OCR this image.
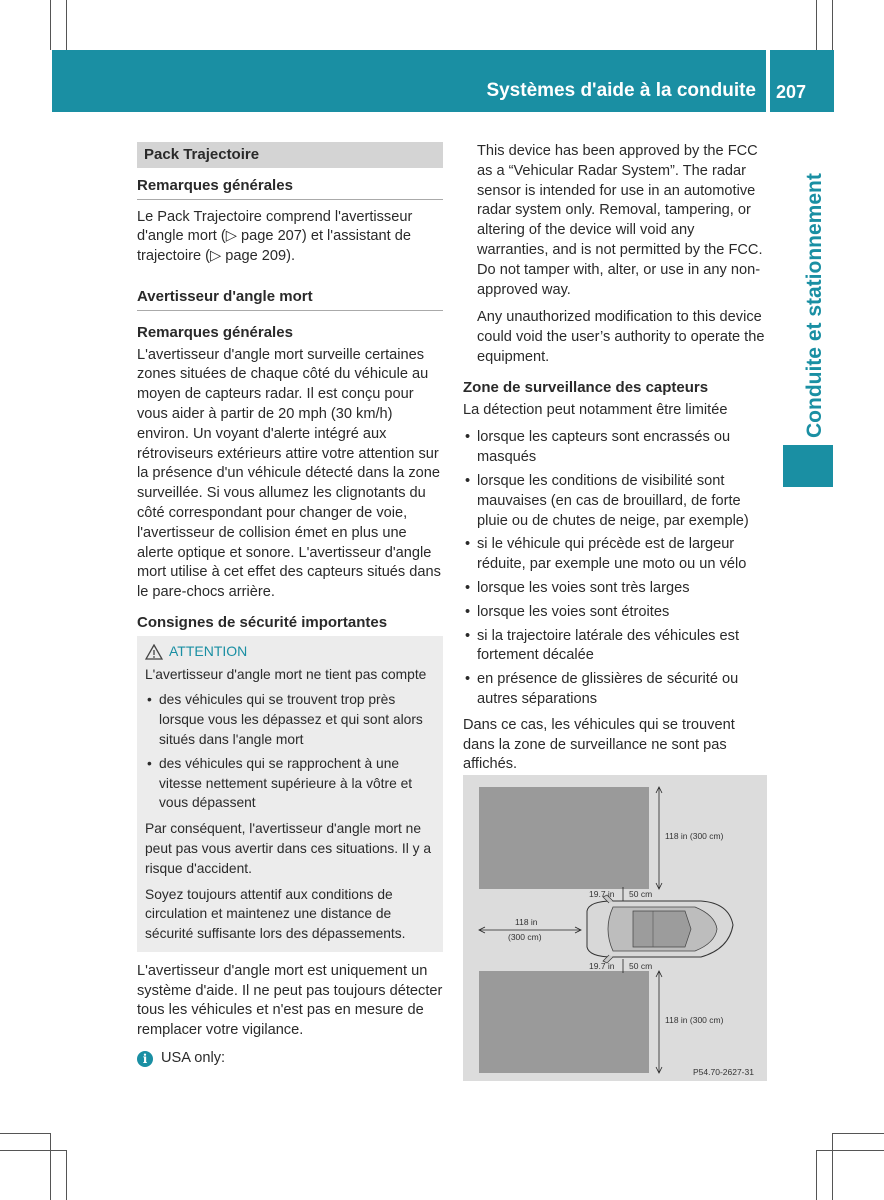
Systèmes d'aide à la conduite 207
Conduite et stationnement
Pack Trajectoire
Remarques générales

Le Pack Trajectoire comprend l'avertisseur d'angle mort (▷ page 207) et l'assistant de trajectoire (▷ page 209).

Avertisseur d'angle mort
Remarques générales

L'avertisseur d'angle mort surveille certaines zones situées de chaque côté du véhicule au moyen de capteurs radar. Il est conçu pour vous aider à partir de 20 mph (30 km/h) environ. Un voyant d'alerte intégré aux rétroviseurs extérieurs attire votre attention sur la présence d'un véhicule détecté dans la zone surveillée. Si vous allumez les clignotants du côté correspondant pour changer de voie, l'avertisseur de collision émet en plus une alerte optique et sonore. L'avertisseur d'angle mort utilise à cet effet des capteurs situés dans le pare-chocs arrière.

Consignes de sécurité importantes
ATTENTION

L'avertisseur d'angle mort ne tient pas compte

• des véhicules qui se trouvent trop près lorsque vous les dépassez et qui sont alors situés dans l'angle mort
• des véhicules qui se rapprochent à une vitesse nettement supérieure à la vôtre et vous dépassent

Par conséquent, l'avertisseur d'angle mort ne peut pas vous avertir dans ces situations. Il y a risque d'accident.

Soyez toujours attentif aux conditions de circulation et maintenez une distance de sécurité suffisante lors des dépassements.

L'avertisseur d'angle mort est uniquement un système d'aide. Il ne peut pas toujours détecter tous les véhicules et n'est pas en mesure de remplacer votre vigilance.

i USA only:

This device has been approved by the FCC as a “Vehicular Radar System”. The radar sensor is intended for use in an automotive radar system only. Removal, tampering, or altering of the device will void any warranties, and is not permitted by the FCC. Do not tamper with, alter, or use in any non-approved way.

Any unauthorized modification to this device could void the user’s authority to operate the equipment.

Zone de surveillance des capteurs

La détection peut notamment être limitée

• lorsque les capteurs sont encrassés ou masqués
• lorsque les conditions de visibilité sont mauvaises (en cas de brouillard, de forte pluie ou de chutes de neige, par exemple)
• si le véhicule qui précède est de largeur réduite, par exemple une moto ou un vélo
• lorsque les voies sont très larges
• lorsque les voies sont étroites
• si la trajectoire latérale des véhicules est fortement décalée
• en présence de glissières de sécurité ou autres séparations

Dans ce cas, les véhicules qui se trouvent dans la zone de surveillance ne sont pas affichés.

118 in (300 cm)
118 in
(300 cm)
19.7 in 50 cm
19.7 in 50 cm
118 in (300 cm)
P54.70-2627-31
